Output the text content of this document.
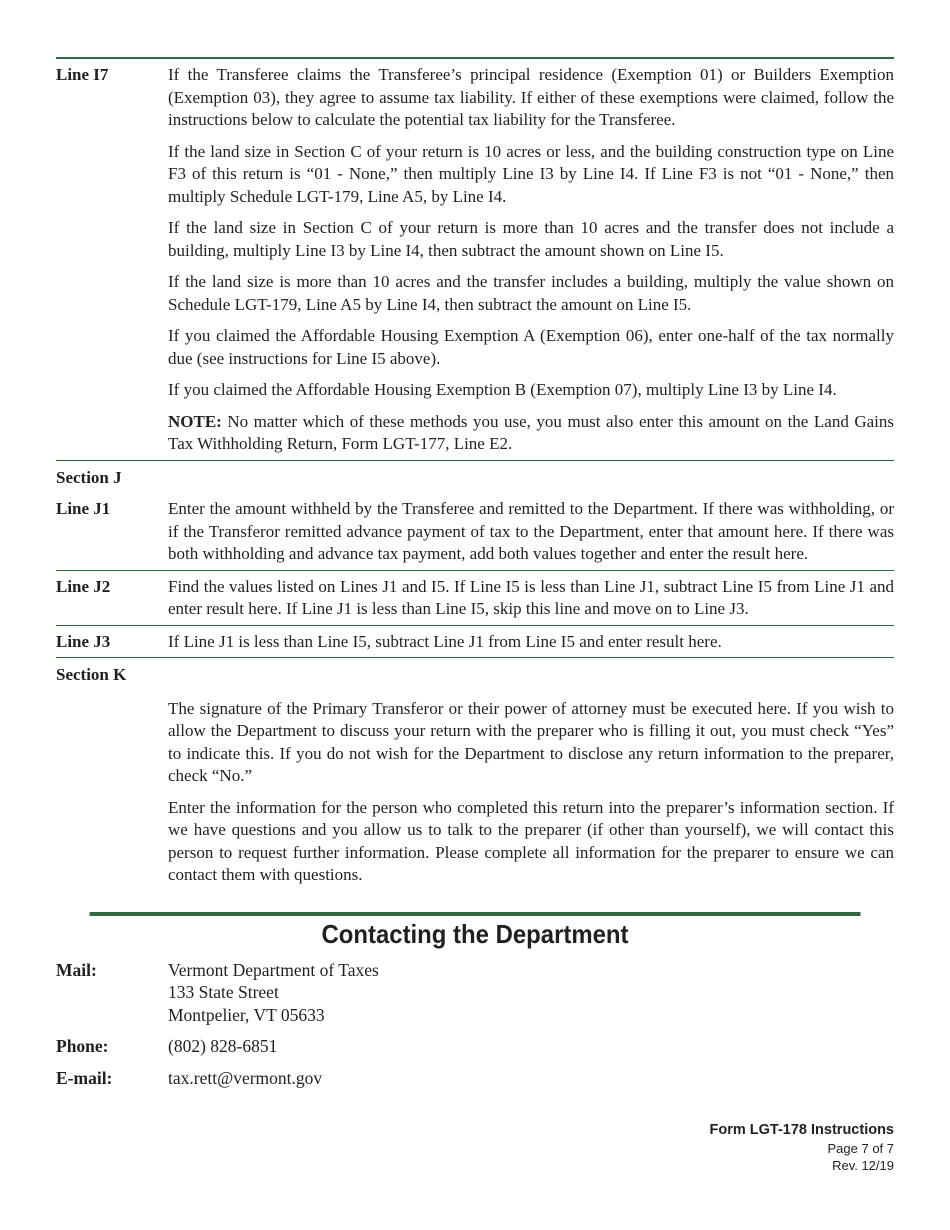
Line I7	If the Transferee claims the Transferee’s principal residence (Exemption 01) or Builders Exemption (Exemption 03), they agree to assume tax liability. If either of these exemptions were claimed, follow the instructions below to calculate the potential tax liability for the Transferee.

If the land size in Section C of your return is 10 acres or less, and the building construction type on Line F3 of this return is “01 - None,” then multiply Line I3 by Line I4. If Line F3 is not “01 - None,” then multiply Schedule LGT-179, Line A5, by Line I4.

If the land size in Section C of your return is more than 10 acres and the transfer does not include a building, multiply Line I3 by Line I4, then subtract the amount shown on Line I5.

If the land size is more than 10 acres and the transfer includes a building, multiply the value shown on Schedule LGT-179, Line A5 by Line I4, then subtract the amount on Line I5.

If you claimed the Affordable Housing Exemption A (Exemption 06), enter one-half of the tax normally due (see instructions for Line I5 above).

If you claimed the Affordable Housing Exemption B (Exemption 07), multiply Line I3 by Line I4.

NOTE: No matter which of these methods you use, you must also enter this amount on the Land Gains Tax Withholding Return, Form LGT-177, Line E2.

Section J
Line J1	Enter the amount withheld by the Transferee and remitted to the Department. If there was withholding, or if the Transferor remitted advance payment of tax to the Department, enter that amount here. If there was both withholding and advance tax payment, add both values together and enter the result here.

Line J2	Find the values listed on Lines J1 and I5. If Line I5 is less than Line J1, subtract Line I5 from Line J1 and enter result here. If Line J1 is less than Line I5, skip this line and move on to Line J3.

Line J3	If Line J1 is less than Line I5, subtract Line J1 from Line I5 and enter result here.

Section K

The signature of the Primary Transferor or their power of attorney must be executed here. If you wish to allow the Department to discuss your return with the preparer who is filling it out, you must check “Yes” to indicate this. If you do not wish for the Department to disclose any return information to the preparer, check “No.”

Enter the information for the person who completed this return into the preparer’s information section. If we have questions and you allow us to talk to the preparer (if other than yourself), we will contact this person to request further information. Please complete all information for the preparer to ensure we can contact them with questions.

Contacting the Department
Mail:	Vermont Department of Taxes
133 State Street
Montpelier, VT 05633
Phone:	(802) 828-6851
E-mail:	tax.rett@vermont.gov
Form LGT-178 Instructions
Page 7 of 7
Rev. 12/19
